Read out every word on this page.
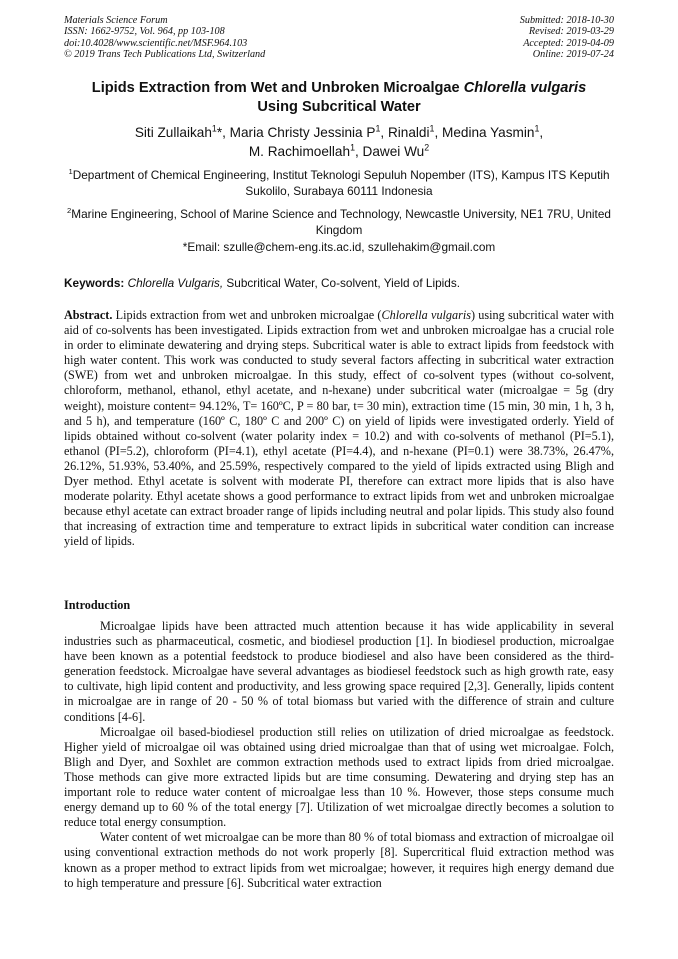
Materials Science Forum
ISSN: 1662-9752, Vol. 964, pp 103-108
doi:10.4028/www.scientific.net/MSF.964.103
© 2019 Trans Tech Publications Ltd, Switzerland
Submitted: 2018-10-30
Revised: 2019-03-29
Accepted: 2019-04-09
Online: 2019-07-24
Lipids Extraction from Wet and Unbroken Microalgae Chlorella vulgaris
Using Subcritical Water
Siti Zullaikah$^1$*, Maria Christy Jessinia $P^1$, Rinaldi$^1$, Medina Yasmin$^1$,
M. Rachimoellah$^1$, Dawei Wu$^2$
$^1$Department of Chemical Engineering, Institut Teknologi Sepuluh Nopember (ITS), Kampus ITS Keputih Sukolilo, Surabaya 60111 Indonesia
$^2$Marine Engineering, School of Marine Science and Technology, Newcastle University, NE1 7RU, United Kingdom
*Email: szulle@chem-eng.its.ac.id, szullehakim@gmail.com
Keywords: Chlorella Vulgaris, Subcritical Water, Co-solvent, Yield of Lipids.
Abstract. Lipids extraction from wet and unbroken microalgae (Chlorella vulgaris) using subcritical water with aid of co-solvents has been investigated. Lipids extraction from wet and unbroken microalgae has a crucial role in order to eliminate dewatering and drying steps. Subcritical water is able to extract lipids from feedstock with high water content. This work was conducted to study several factors affecting in subcritical water extraction (SWE) from wet and unbroken microalgae. In this study, effect of co-solvent types (without co-solvent, chloroform, methanol, ethanol, ethyl acetate, and n-hexane) under subcritical water (microalgae = 5g (dry weight), moisture content= 94.12%, T= 160ºC, P = 80 bar, t= 30 min), extraction time (15 min, 30 min, 1 h, 3 h, and 5 h), and temperature (160º C, 180º C and 200º C) on yield of lipids were investigated orderly. Yield of lipids obtained without co-solvent (water polarity index = 10.2) and with co-solvents of methanol (PI=5.1), ethanol (PI=5.2), chloroform (PI=4.1), ethyl acetate (PI=4.4), and n-hexane (PI=0.1) were 38.73%, 26.47%, 26.12%, 51.93%, 53.40%, and 25.59%, respectively compared to the yield of lipids extracted using Bligh and Dyer method. Ethyl acetate is solvent with moderate PI, therefore can extract more lipids that is also have moderate polarity. Ethyl acetate shows a good performance to extract lipids from wet and unbroken microalgae because ethyl acetate can extract broader range of lipids including neutral and polar lipids. This study also found that increasing of extraction time and temperature to extract lipids in subcritical water condition can increase yield of lipids.
Introduction

Microalgae lipids have been attracted much attention because it has wide applicability in several industries such as pharmaceutical, cosmetic, and biodiesel production [1]. In biodiesel production, microalgae have been known as a potential feedstock to produce biodiesel and also have been considered as the third-generation feedstock. Microalgae have several advantages as biodiesel feedstock such as high growth rate, easy to cultivate, high lipid content and productivity, and less growing space required [2,3]. Generally, lipids content in microalgae are in range of 20 - 50 % of total biomass but varied with the difference of strain and culture conditions [4-6].

Microalgae oil based-biodiesel production still relies on utilization of dried microalgae as feedstock. Higher yield of microalgae oil was obtained using dried microalgae than that of using wet microalgae. Folch, Bligh and Dyer, and Soxhlet are common extraction methods used to extract lipids from dried microalgae. Those methods can give more extracted lipids but are time consuming. Dewatering and drying step has an important role to reduce water content of microalgae less than 10 %. However, those steps consume much energy demand up to 60 % of the total energy [7]. Utilization of wet microalgae directly becomes a solution to reduce total energy consumption.

Water content of wet microalgae can be more than 80 % of total biomass and extraction of microalgae oil using conventional extraction methods do not work properly [8]. Supercritical fluid extraction method was known as a proper method to extract lipids from wet microalgae; however, it requires high energy demand due to high temperature and pressure [6]. Subcritical water extraction
